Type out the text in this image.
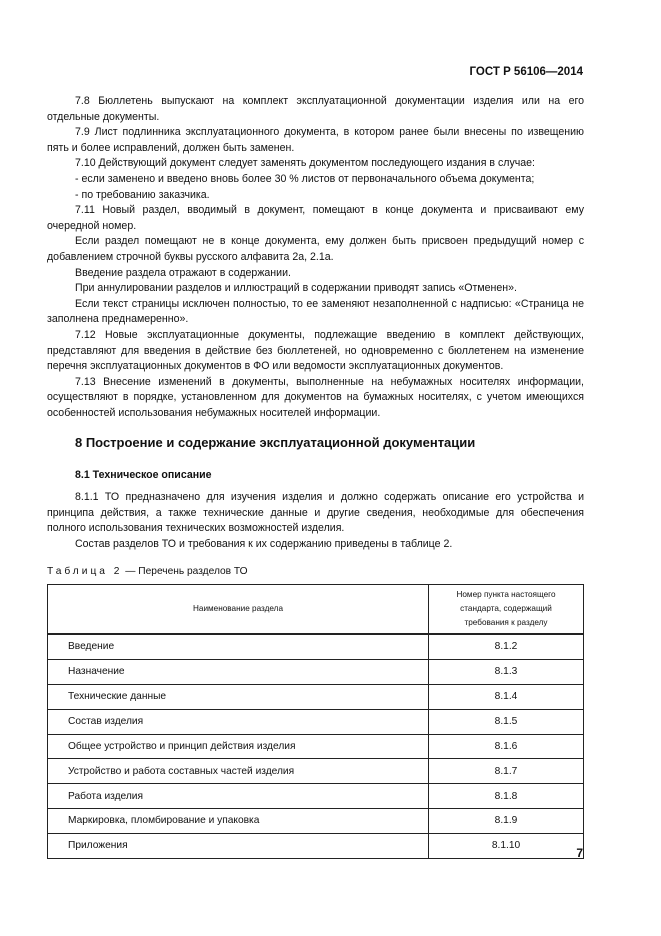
ГОСТ Р 56106—2014

7.8 Бюллетень выпускают на комплект эксплуатационной документации изделия или на его отдельные документы.

7.9 Лист подлинника эксплуатационного документа, в котором ранее были внесены по извещению пять и более исправлений, должен быть заменен.

7.10 Действующий документ следует заменять документом последующего издания в случае:

- если заменено и введено вновь более 30 % листов от первоначального объема документа;

- по требованию заказчика.

7.11 Новый раздел, вводимый в документ, помещают в конце документа и присваивают ему очередной номер.

Если раздел помещают не в конце документа, ему должен быть присвоен предыдущий номер с добавлением строчной буквы русского алфавита 2а, 2.1а.

Введение раздела отражают в содержании.

При аннулировании разделов и иллюстраций в содержании приводят запись «Отменен».

Если текст страницы исключен полностью, то ее заменяют незаполненной с надписью: «Страница не заполнена преднамеренно».

7.12 Новые эксплуатационные документы, подлежащие введению в комплект действующих, представляют для введения в действие без бюллетеней, но одновременно с бюллетенем на изменение перечня эксплуатационных документов в ФО или ведомости эксплуатационных документов.

7.13 Внесение изменений в документы, выполненные на небумажных носителях информации, осуществляют в порядке, установленном для документов на бумажных носителях, с учетом имеющихся особенностей использования небумажных носителей информации.

8 Построение и содержание эксплуатационной документации
8.1 Техническое описание

8.1.1 ТО предназначено для изучения изделия и должно содержать описание его устройства и принципа действия, а также технические данные и другие сведения, необходимые для обеспечения полного использования технических возможностей изделия.

Состав разделов ТО и требования к их содержанию приведены в таблице 2.

Таблица 2 — Перечень разделов ТО
Наименование раздела	Номер пункта настоящего стандарта, содержащий требования к разделу
Введение	8.1.2
Назначение	8.1.3
Технические данные	8.1.4
Состав изделия	8.1.5
Общее устройство и принцип действия изделия	8.1.6
Устройство и работа составных частей изделия	8.1.7
Работа изделия	8.1.8
Маркировка, пломбирование и упаковка	8.1.9
Приложения	8.1.10
7
